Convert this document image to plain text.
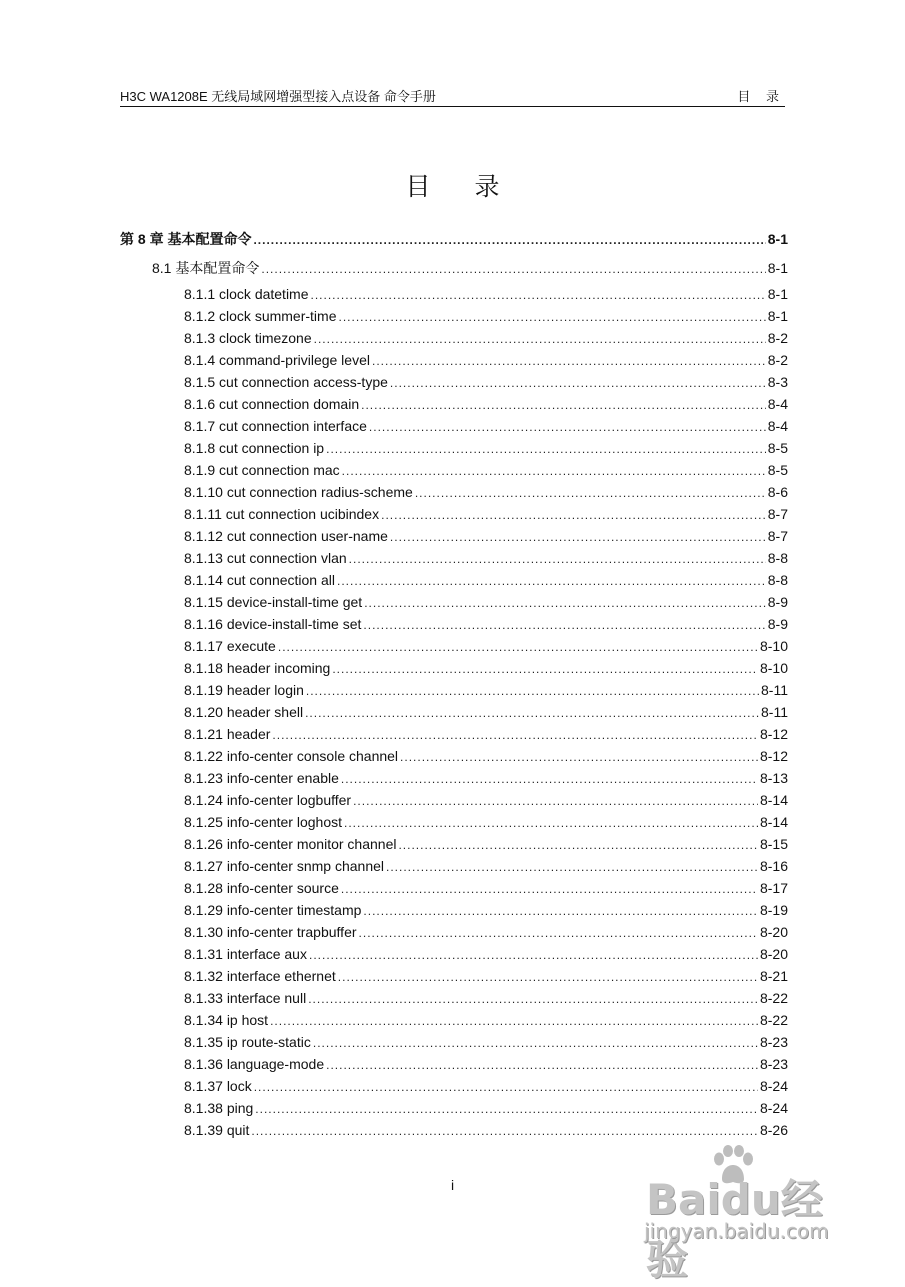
H3C WA1208E 无线局域网增强型接入点设备 命令手册	目 录
目 录
第 8 章 基本配置命令 .....	8-1
8.1 基本配置命令 .....	8-1
8.1.1 clock datetime .....	8-1
8.1.2 clock summer-time .....	8-1
8.1.3 clock timezone .....	8-2
8.1.4 command-privilege level .....	8-2
8.1.5 cut connection access-type .....	8-3
8.1.6 cut connection domain .....	8-4
8.1.7 cut connection interface .....	8-4
8.1.8 cut connection ip .....	8-5
8.1.9 cut connection mac .....	8-5
8.1.10 cut connection radius-scheme .....	8-6
8.1.11 cut connection ucibindex .....	8-7
8.1.12 cut connection user-name .....	8-7
8.1.13 cut connection vlan .....	8-8
8.1.14 cut connection all .....	8-8
8.1.15 device-install-time get .....	8-9
8.1.16 device-install-time set .....	8-9
8.1.17 execute .....	8-10
8.1.18 header incoming .....	8-10
8.1.19 header login .....	8-11
8.1.20 header shell .....	8-11
8.1.21 header .....	8-12
8.1.22 info-center console channel .....	8-12
8.1.23 info-center enable .....	8-13
8.1.24 info-center logbuffer .....	8-14
8.1.25 info-center loghost .....	8-14
8.1.26 info-center monitor channel .....	8-15
8.1.27 info-center snmp channel .....	8-16
8.1.28 info-center source .....	8-17
8.1.29 info-center timestamp .....	8-19
8.1.30 info-center trapbuffer .....	8-20
8.1.31 interface aux .....	8-20
8.1.32 interface ethernet .....	8-21
8.1.33 interface null .....	8-22
8.1.34 ip host .....	8-22
8.1.35 ip route-static .....	8-23
8.1.36 language-mode .....	8-23
8.1.37 lock .....	8-24
8.1.38 ping .....	8-24
8.1.39 quit .....	8-26
i	Baidu经验
jingyan.baidu.com
